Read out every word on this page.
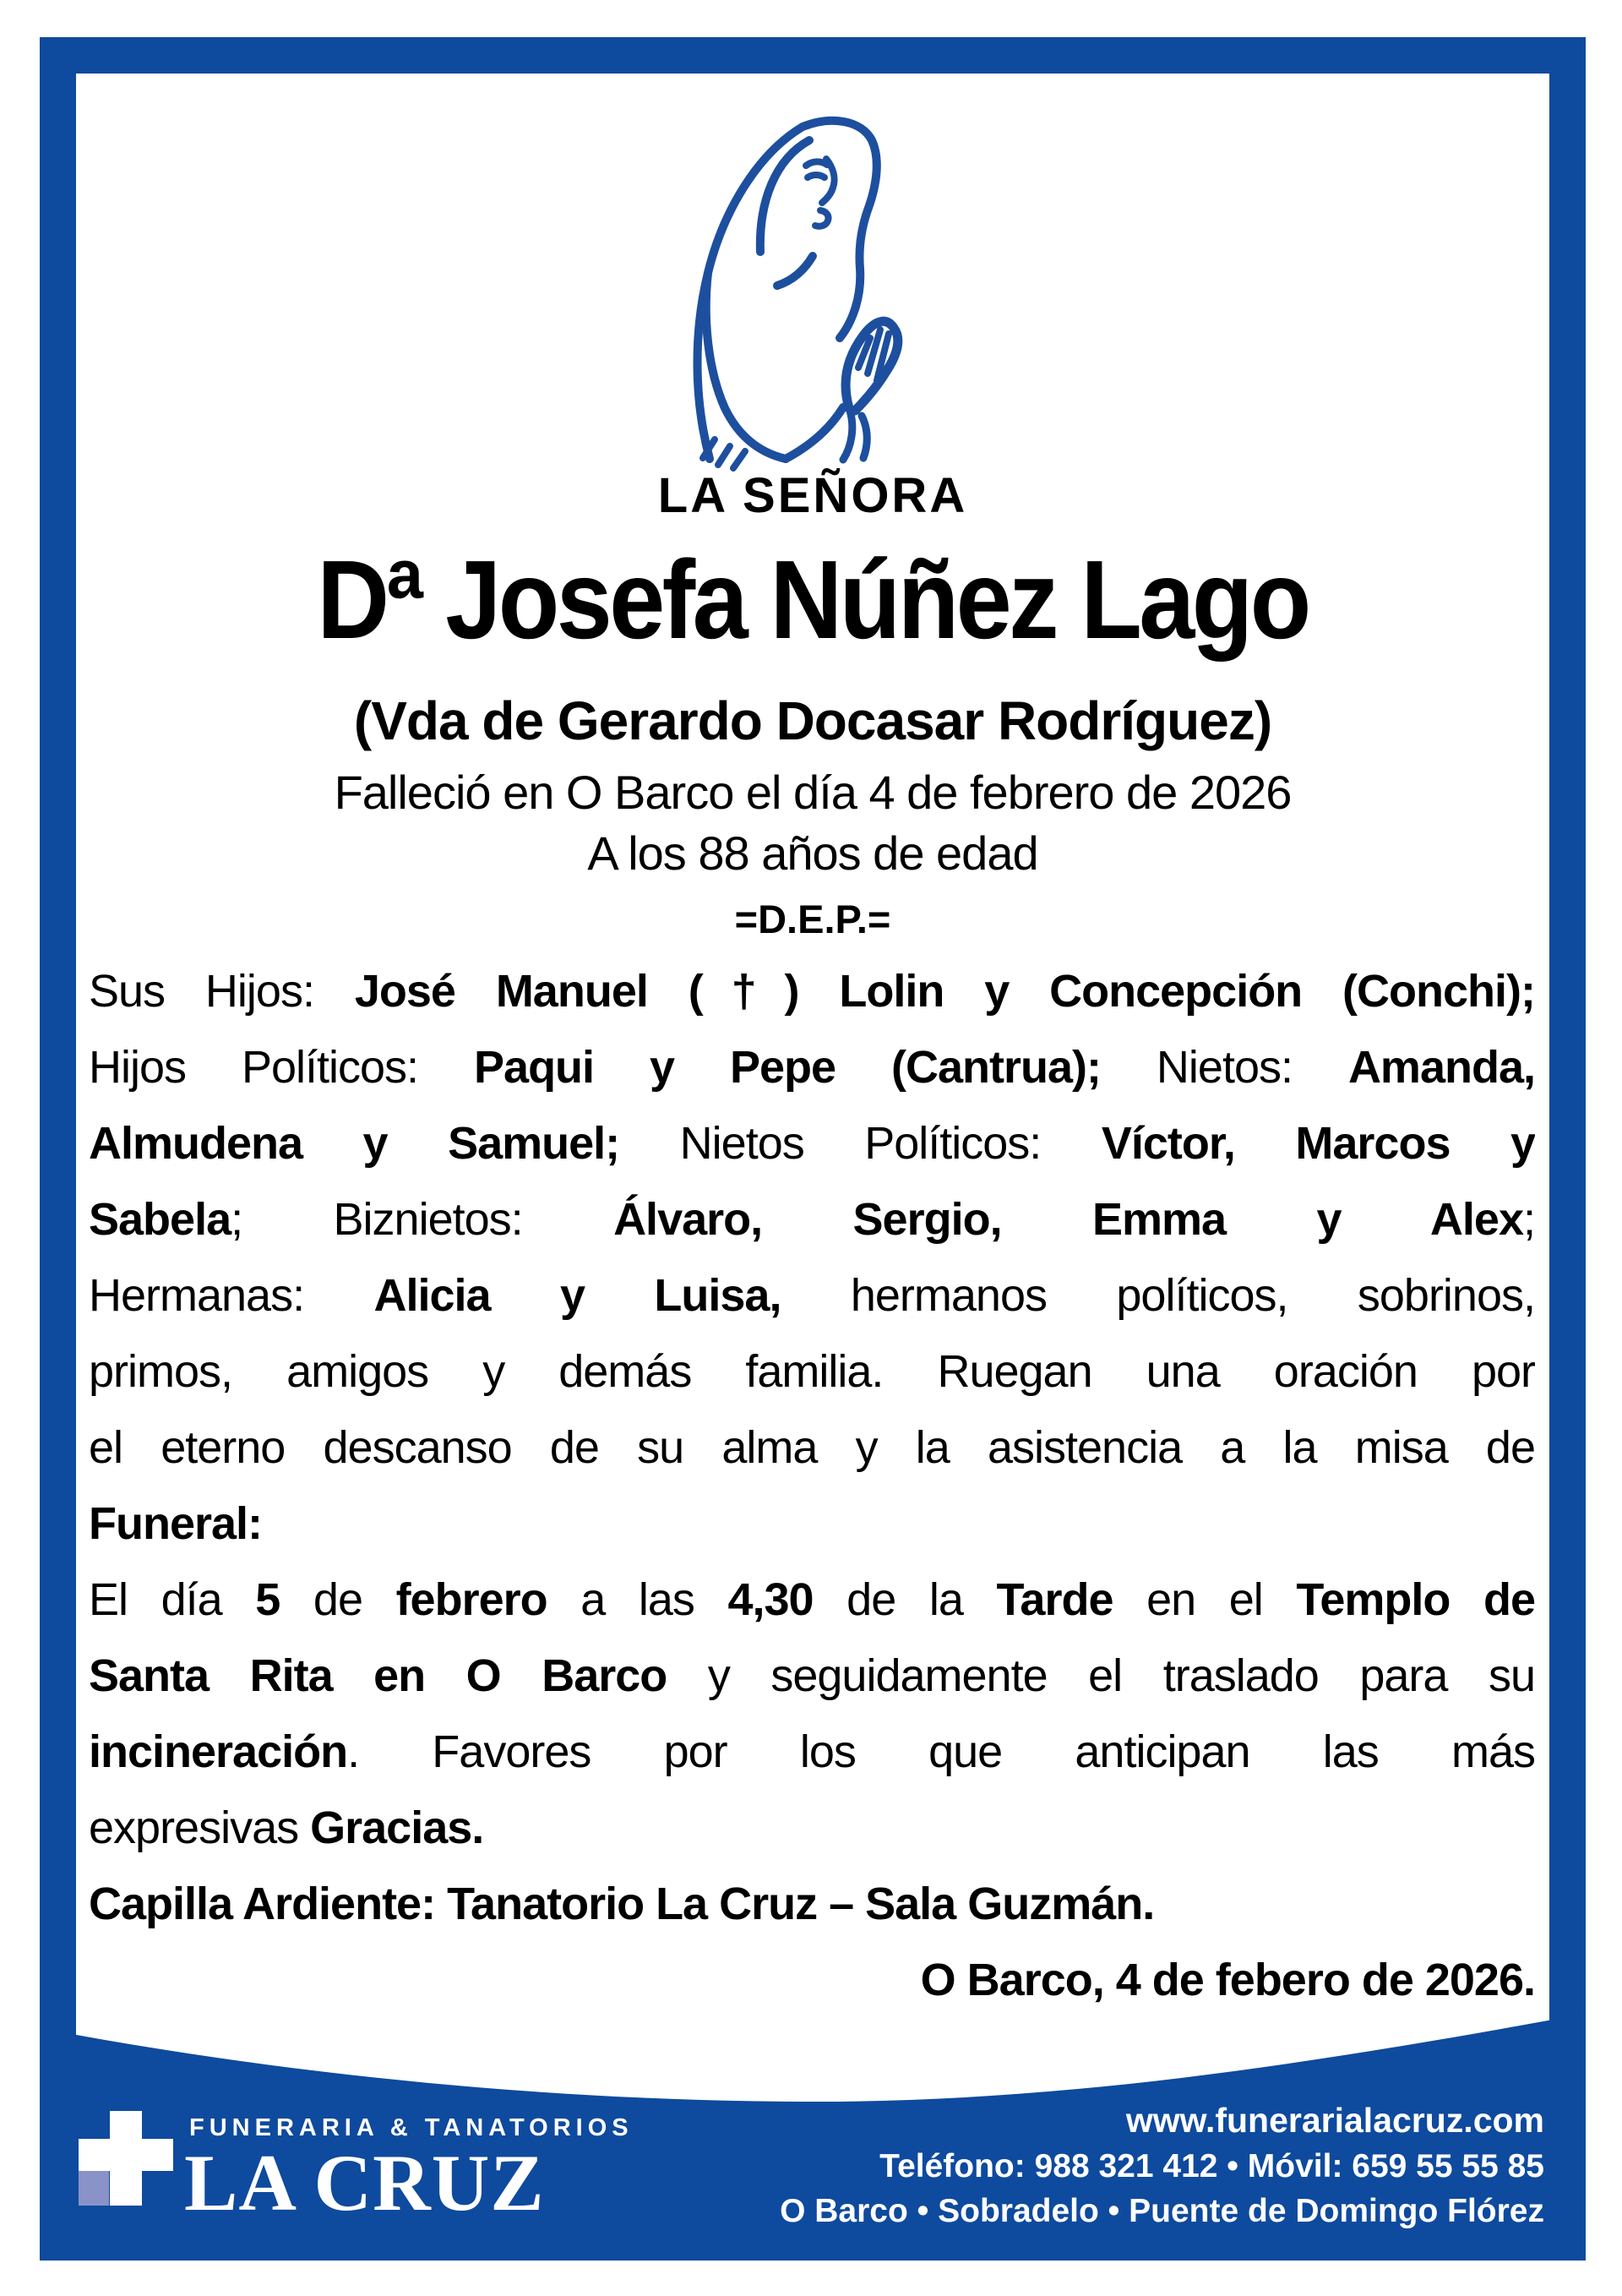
LA SEÑORA
Dª Josefa Núñez Lago
(Vda de Gerardo Docasar Rodríguez)
Falleció en O Barco el día 4 de febrero de 2026
A los 88 años de edad
=D.E.P.=
Sus Hijos: José Manuel (†) Lolin y Concepción (Conchi);
Hijos Políticos: Paqui y Pepe (Cantrua); Nietos: Amanda,
Almudena y Samuel; Nietos Políticos: Víctor, Marcos y
Sabela; Biznietos: Álvaro, Sergio, Emma y Alex;
Hermanas: Alicia y Luisa, hermanos políticos, sobrinos,
primos, amigos y demás familia. Ruegan una oración por
el eterno descanso de su alma y la asistencia a la misa de
Funeral:
El día 5 de febrero a las 4,30 de la Tarde en el Templo de
Santa Rita en O Barco y seguidamente el traslado para su
incineración. Favores por los que anticipan las más
expresivas Gracias.
Capilla Ardiente: Tanatorio La Cruz – Sala Guzmán.
O Barco, 4 de febero de 2026.
FUNERARIA & TANATORIOS
LA CRUZ
www.funerarialacruz.com
Teléfono: 988 321 412 • Móvil: 659 55 55 85
O Barco • Sobradelo • Puente de Domingo Flórez
